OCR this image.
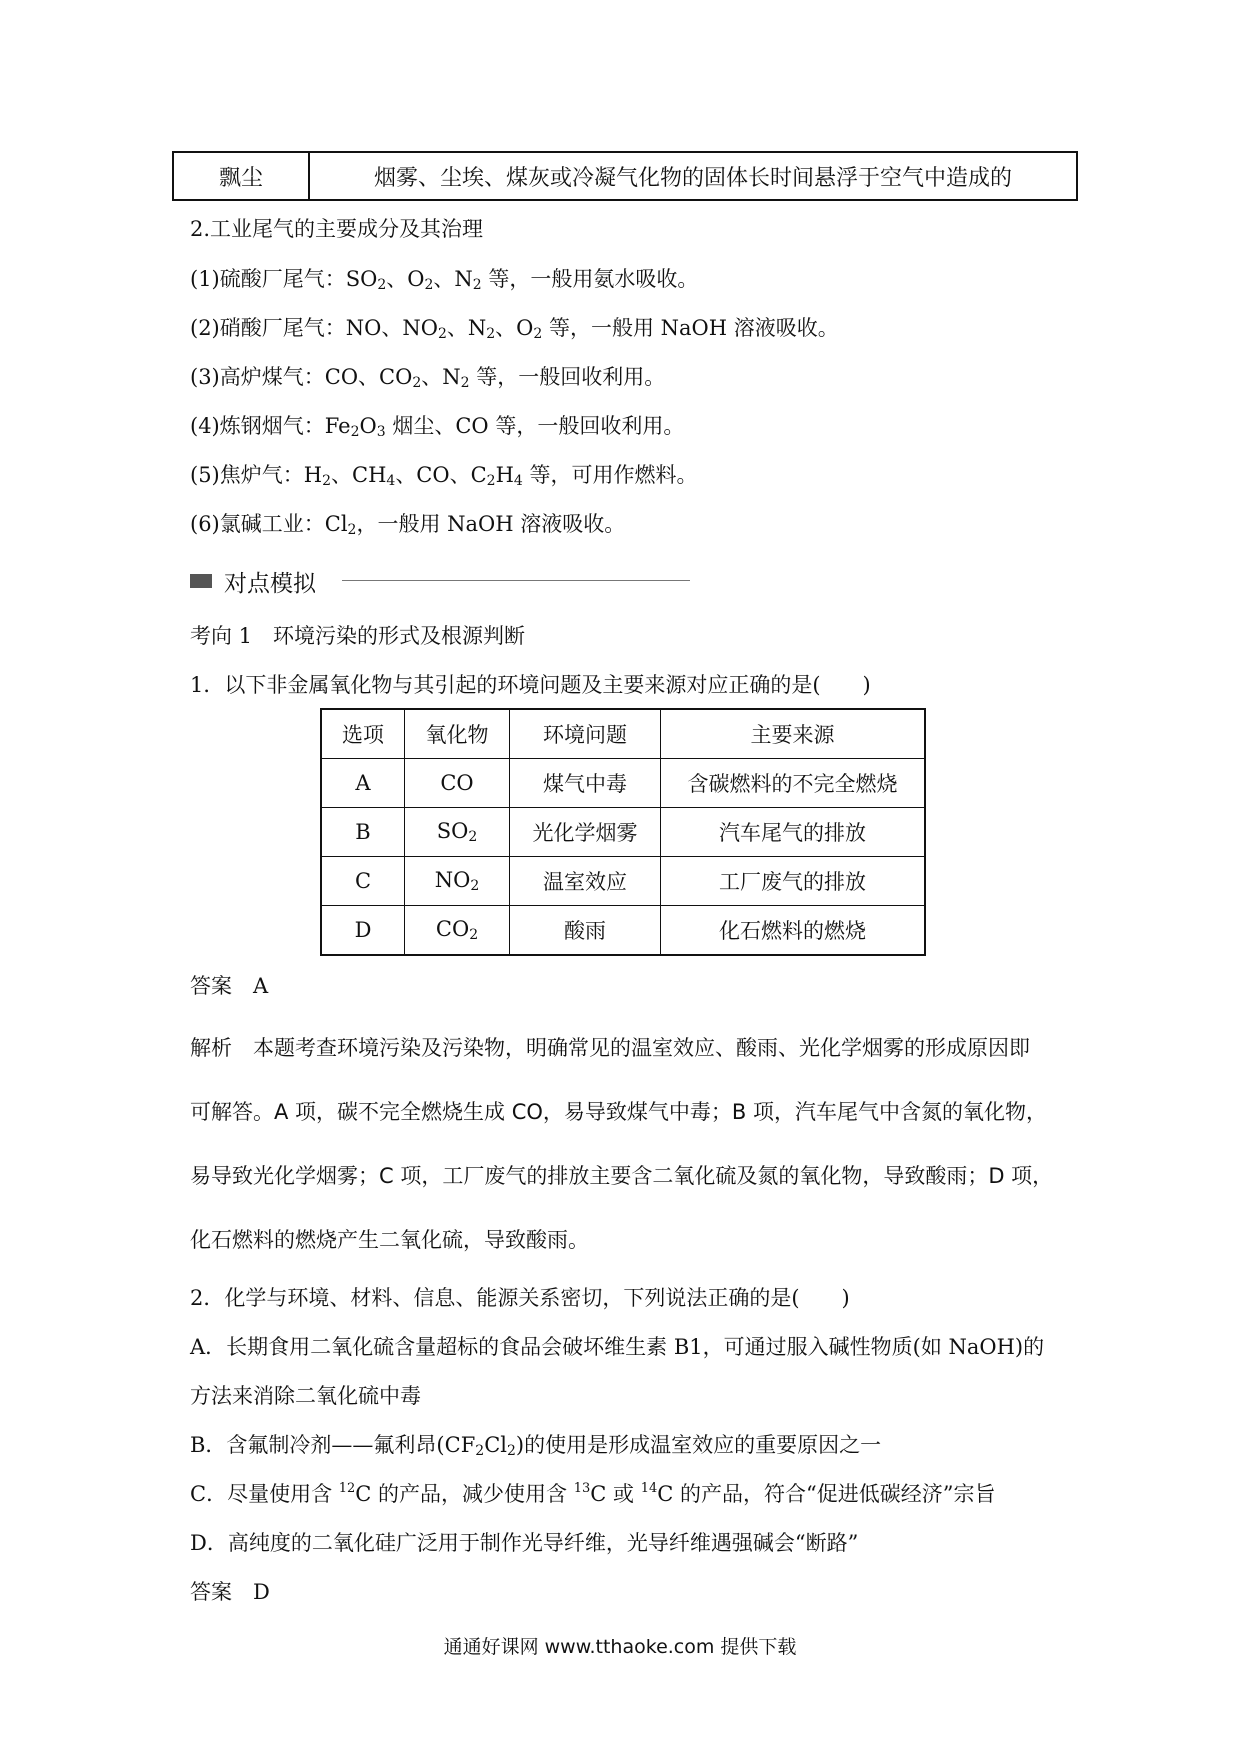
飘尘	烟雾、尘埃、煤灰或冷凝气化物的固体长时间悬浮于空气中造成的
2.工业尾气的主要成分及其治理
(1)硫酸厂尾气：$SO_2$、$O_2$、$N_2$ 等，一般用氨水吸收。
(2)硝酸厂尾气：NO、$NO_2$、$N_2$、$O_2$ 等，一般用 NaOH 溶液吸收。
(3)高炉煤气：CO、$CO_2$、$N_2$ 等，一般回收利用。
(4)炼钢烟气：$Fe_2O_3$ 烟尘、CO 等，一般回收利用。
(5)焦炉气：$H_2$、$CH_4$、CO、$C_2H_4$ 等，可用作燃料。
(6)氯碱工业：$Cl_2$，一般用 NaOH 溶液吸收。
对点模拟
考向 1　环境污染的形式及根源判断
1．以下非金属氧化物与其引起的环境问题及主要来源对应正确的是(　　)
选项	氧化物	环境问题	主要来源
A	CO	煤气中毒	含碳燃料的不完全燃烧
B	$SO_2$	光化学烟雾	汽车尾气的排放
C	$NO_2$	温室效应	工厂废气的排放
D	$CO_2$	酸雨	化石燃料的燃烧
答案　A
解析　本题考查环境污染及污染物，明确常见的温室效应、酸雨、光化学烟雾的形成原因即
可解答。A 项，碳不完全燃烧生成 CO，易导致煤气中毒；B 项，汽车尾气中含氮的氧化物，
易导致光化学烟雾；C 项，工厂废气的排放主要含二氧化硫及氮的氧化物，导致酸雨；D 项，
化石燃料的燃烧产生二氧化硫，导致酸雨。
2．化学与环境、材料、信息、能源关系密切，下列说法正确的是(　　)
A．长期食用二氧化硫含量超标的食品会破坏维生素 B1，可通过服入碱性物质(如 NaOH)的
方法来消除二氧化硫中毒
B．含氟制冷剂——氟利昂$(CF_2Cl_2)$的使用是形成温室效应的重要原因之一
C．尽量使用含 $^{12}$C 的产品，减少使用含 $^{13}$C 或 $^{14}$C 的产品，符合“促进低碳经济”宗旨
D．高纯度的二氧化硅广泛用于制作光导纤维，光导纤维遇强碱会“断路”
答案　D
通通好课网 www.tthaoke.com 提供下载
